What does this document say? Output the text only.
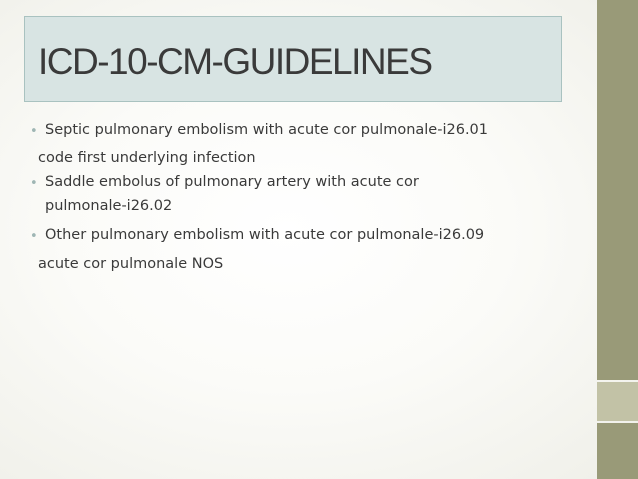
ICD-10-CM-GUIDELINES
• Septic pulmonary embolism with acute cor pulmonale-i26.01
code first underlying infection
• Saddle embolus of pulmonary artery with acute cor
pulmonale-i26.02
• Other pulmonary embolism with acute cor pulmonale-i26.09
acute cor pulmonale NOS
